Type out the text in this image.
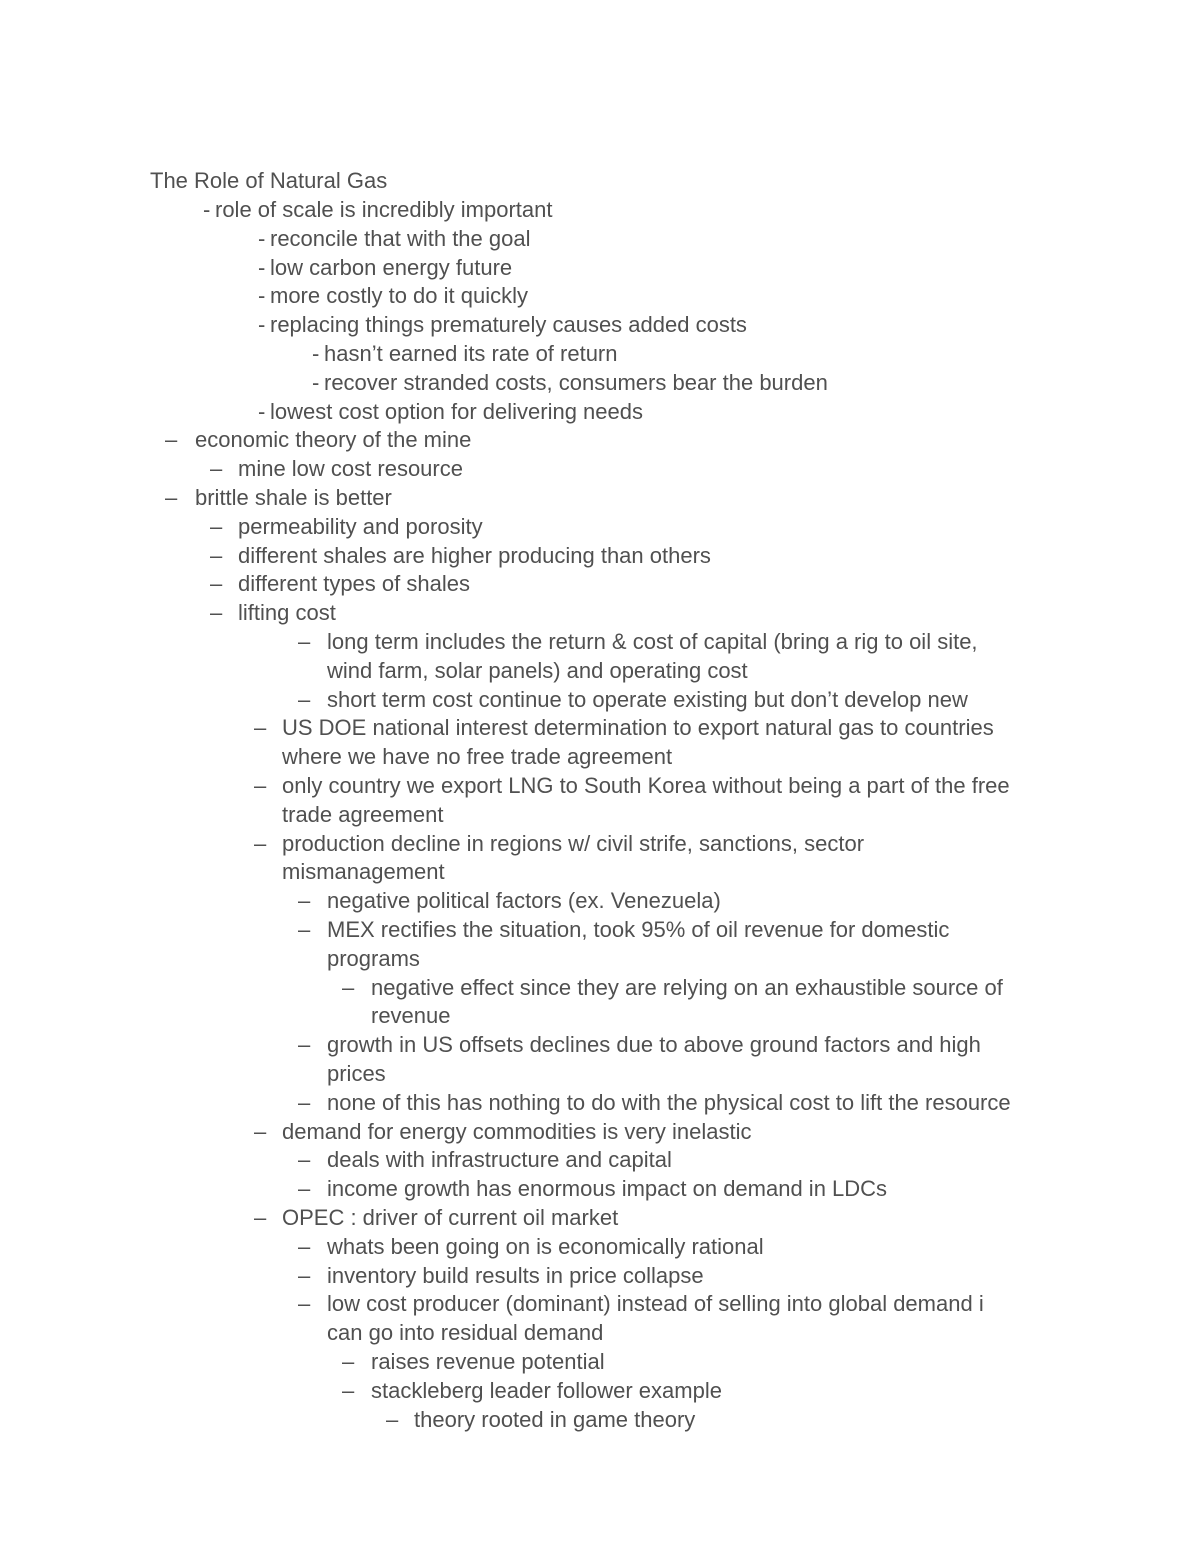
The Role of Natural Gas
- role of scale is incredibly important
- reconcile that with the goal
- low carbon energy future
- more costly to do it quickly
- replacing things prematurely causes added costs
- hasn’t earned its rate of return
- recover stranded costs, consumers bear the burden
- lowest cost option for delivering needs
– economic theory of the mine
– mine low cost resource
– brittle shale is better
– permeability and porosity
– different shales are higher producing than others
– different types of shales
– lifting cost
– long term includes the return & cost of capital (bring a rig to oil site,
wind farm, solar panels) and operating cost
– short term cost continue to operate existing but don’t develop new
– US DOE national interest determination to export natural gas to countries
where we have no free trade agreement
– only country we export LNG to South Korea without being a part of the free
trade agreement
– production decline in regions w/ civil strife, sanctions, sector
mismanagement
– negative political factors (ex. Venezuela)
– MEX rectifies the situation, took 95% of oil revenue for domestic
programs
– negative effect since they are relying on an exhaustible source of
revenue
– growth in US offsets declines due to above ground factors and high
prices
– none of this has nothing to do with the physical cost to lift the resource
– demand for energy commodities is very inelastic
– deals with infrastructure and capital
– income growth has enormous impact on demand in LDCs
– OPEC : driver of current oil market
– whats been going on is economically rational
– inventory build results in price collapse
– low cost producer (dominant) instead of selling into global demand i
can go into residual demand
– raises revenue potential
– stackleberg leader follower example
– theory rooted in game theory
